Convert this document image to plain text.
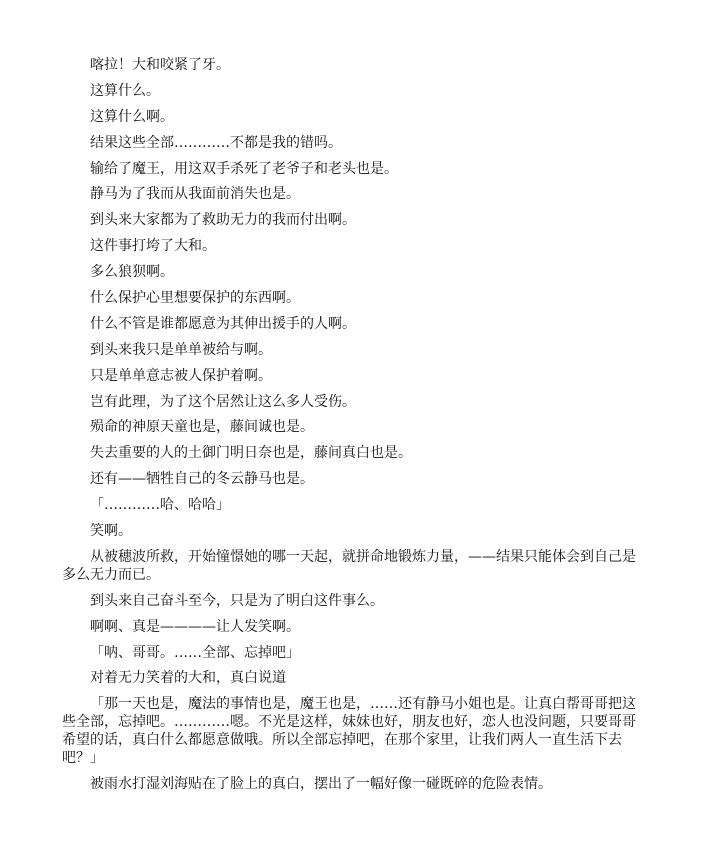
喀拉！大和咬紧了牙。

这算什么。

这算什么啊。

结果这些全部…………不都是我的错吗。

输给了魔王，用这双手杀死了老爷子和老头也是。

静马为了我而从我面前消失也是。

到头来大家都为了救助无力的我而付出啊。

这件事打垮了大和。

多么狼狈啊。

什么保护心里想要保护的东西啊。

什么不管是谁都愿意为其伸出援手的人啊。

到头来我只是单单被给与啊。

只是单单意志被人保护着啊。

岂有此理，为了这个居然让这么多人受伤。

殒命的神原天童也是，藤间诚也是。

失去重要的人的土御门明日奈也是，藤间真白也是。

还有——牺牲自己的冬云静马也是。

「…………哈、哈哈」

笑啊。

从被穗波所救，开始憧憬她的哪一天起，就拼命地锻炼力量，——结果只能体会到自己是多么无力而已。

到头来自己奋斗至今，只是为了明白这件事么。

啊啊、真是————让人发笑啊。

「呐、哥哥。……全部、忘掉吧」

对着无力笑着的大和，真白说道

「那一天也是，魔法的事情也是，魔王也是，……还有静马小姐也是。让真白帮哥哥把这些全部，忘掉吧。…………嗯。不光是这样，妹妹也好，朋友也好，恋人也没问题，只要哥哥希望的话，真白什么都愿意做哦。所以全部忘掉吧，在那个家里，让我们两人一直生活下去吧？」

被雨水打湿刘海贴在了脸上的真白，摆出了一幅好像一碰既碎的危险表情。
